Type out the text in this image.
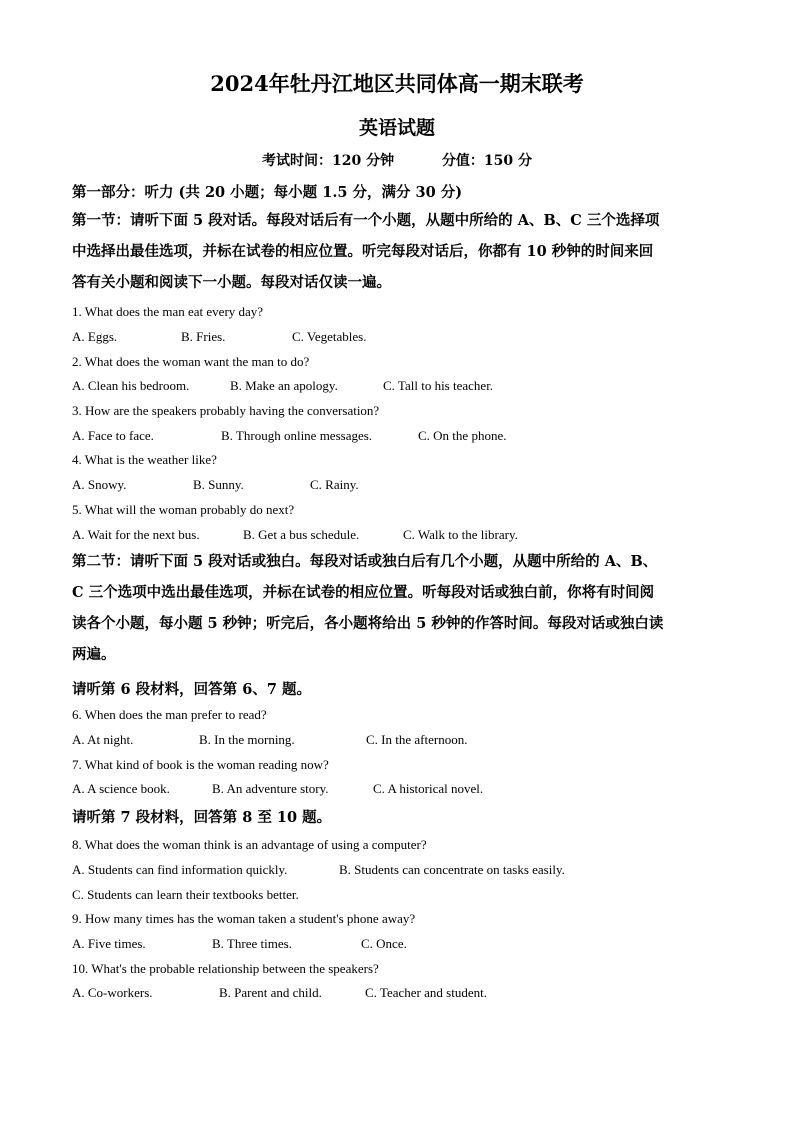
2024年牡丹江地区共同体高一期末联考
英语试题
考试时间：120 分钟	分值：150 分
第一部分：听力 (共 20 小题；每小题 1.5 分，满分 30 分)
第一节：请听下面 5 段对话。每段对话后有一个小题，从题中所给的 A、B、C 三个选择项
中选择出最佳选项，并标在试卷的相应位置。听完每段对话后，你都有 10 秒钟的时间来回
答有关小题和阅读下一小题。每段对话仅读一遍。
1. What does the man eat every day?
A. Eggs.	B. Fries.	C. Vegetables.
2. What does the woman want the man to do?
A. Clean his bedroom.	B. Make an apology.	C. Tall to his teacher.
3. How are the speakers probably having the conversation?
A. Face to face.	B. Through online messages.	C. On the phone.
4. What is the weather like?
A. Snowy.	B. Sunny.	C. Rainy.
5. What will the woman probably do next?
A. Wait for the next bus.	B. Get a bus schedule.	C. Walk to the library.
第二节：请听下面 5 段对话或独白。每段对话或独白后有几个小题，从题中所给的 A、B、
C 三个选项中选出最佳选项，并标在试卷的相应位置。听每段对话或独白前，你将有时间阅
读各个小题，每小题 5 秒钟；听完后，各小题将给出 5 秒钟的作答时间。每段对话或独白读
两遍。
请听第 6 段材料，回答第 6、7 题。
6. When does the man prefer to read?
A. At night.	B. In the morning.	C. In the afternoon.
7. What kind of book is the woman reading now?
A. A science book.	B. An adventure story.	C. A historical novel.
请听第 7 段材料，回答第 8 至 10 题。
8. What does the woman think is an advantage of using a computer?
A. Students can find information quickly.	B. Students can concentrate on tasks easily.
C. Students can learn their textbooks better.
9. How many times has the woman taken a student's phone away?
A. Five times.	B. Three times.	C. Once.
10. What's the probable relationship between the speakers?
A. Co-workers.	B. Parent and child.	C. Teacher and student.
